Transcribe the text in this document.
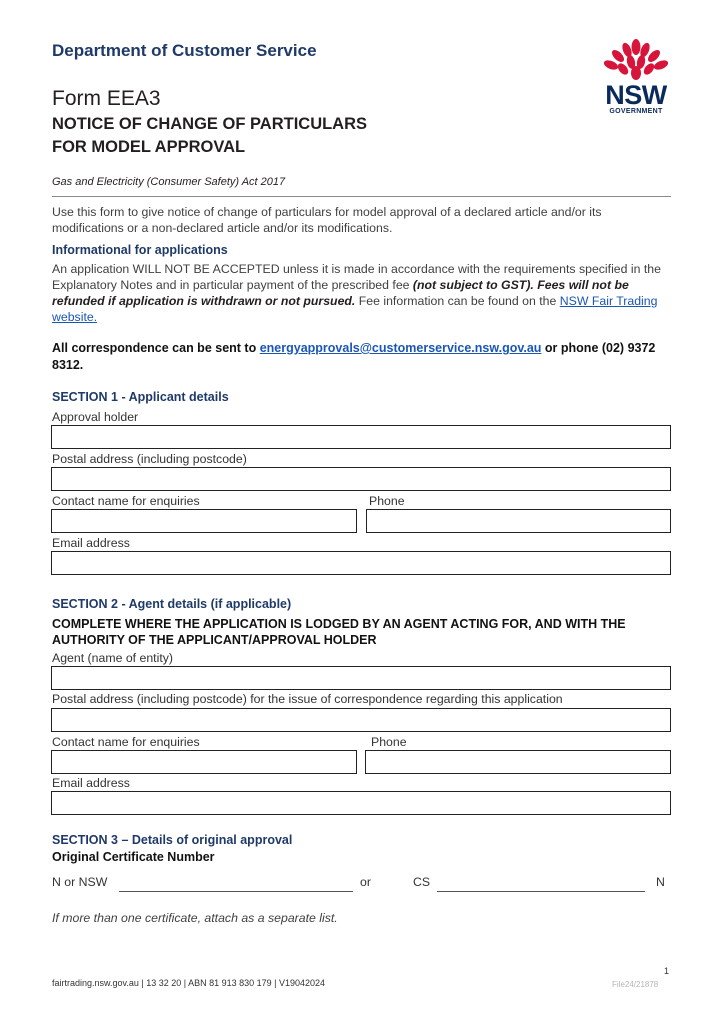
Department of Customer Service
NSW
GOVERNMENT
Form EEA3
NOTICE OF CHANGE OF PARTICULARS
FOR MODEL APPROVAL
Gas and Electricity (Consumer Safety) Act 2017
Use this form to give notice of change of particulars for model approval of a declared article and/or its modifications or a non-declared article and/or its modifications.
Informational for applications
An application WILL NOT BE ACCEPTED unless it is made in accordance with the requirements specified in the Explanatory Notes and in particular payment of the prescribed fee (not subject to GST). Fees will not be refunded if application is withdrawn or not pursued. Fee information can be found on the NSW Fair Trading website.
All correspondence can be sent to energyapprovals@customerservice.nsw.gov.au or phone (02) 9372 8312.
SECTION 1 - Applicant details
Approval holder
Postal address (including postcode)
Contact name for enquiries	Phone
Email address
SECTION 2 - Agent details (if applicable)
COMPLETE WHERE THE APPLICATION IS LODGED BY AN AGENT ACTING FOR, AND WITH THE AUTHORITY OF THE APPLICANT/APPROVAL HOLDER
Agent (name of entity)
Postal address (including postcode) for the issue of correspondence regarding this application
Contact name for enquiries	Phone
Email address
SECTION 3 – Details of original approval
Original Certificate Number
N or NSW	or	CS	N
If more than one certificate, attach as a separate list.
1
fairtrading.nsw.gov.au | 13 32 20 | ABN 81 913 830 179 | V19042024	File24/21878
